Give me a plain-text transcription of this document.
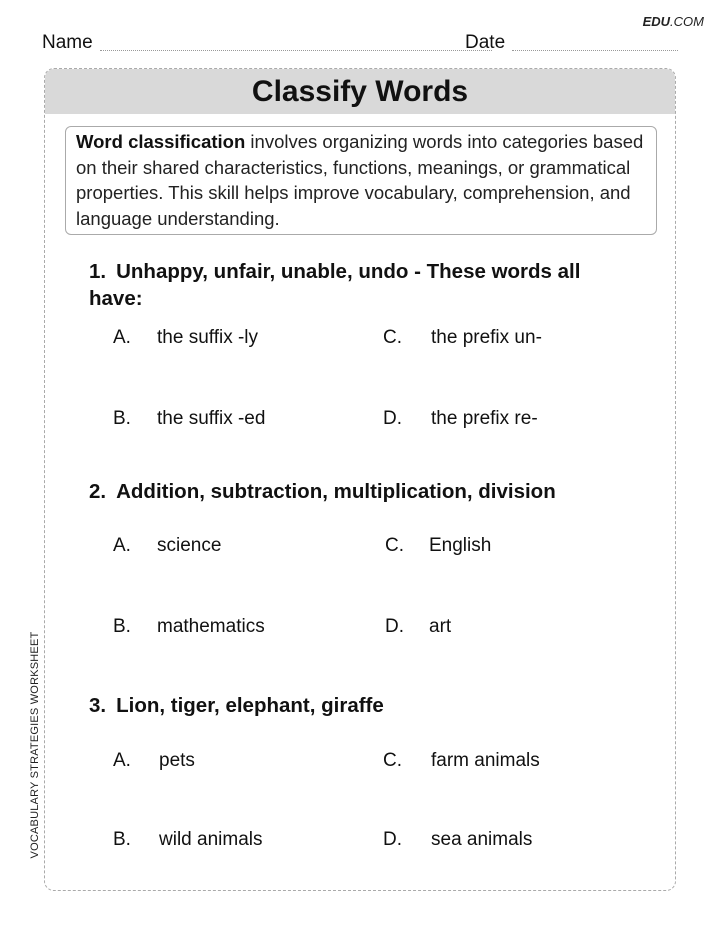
EDU.COM
Name	Date
VOCABULARY STRATEGIES WORKSHEET
Classify Words
Word classification involves organizing words into categories based on their shared characteristics, functions, meanings, or grammatical properties. This skill helps improve vocabulary, comprehension, and language understanding.
1. Unhappy, unfair, unable, undo - These words all have:
A. the suffix -ly
B. the suffix -ed
C. the prefix un-
D. the prefix re-
2. Addition, subtraction, multiplication, division
A. science
B. mathematics
C. English
D. art
3. Lion, tiger, elephant, giraffe
A. pets
B. wild animals
C. farm animals
D. sea animals
